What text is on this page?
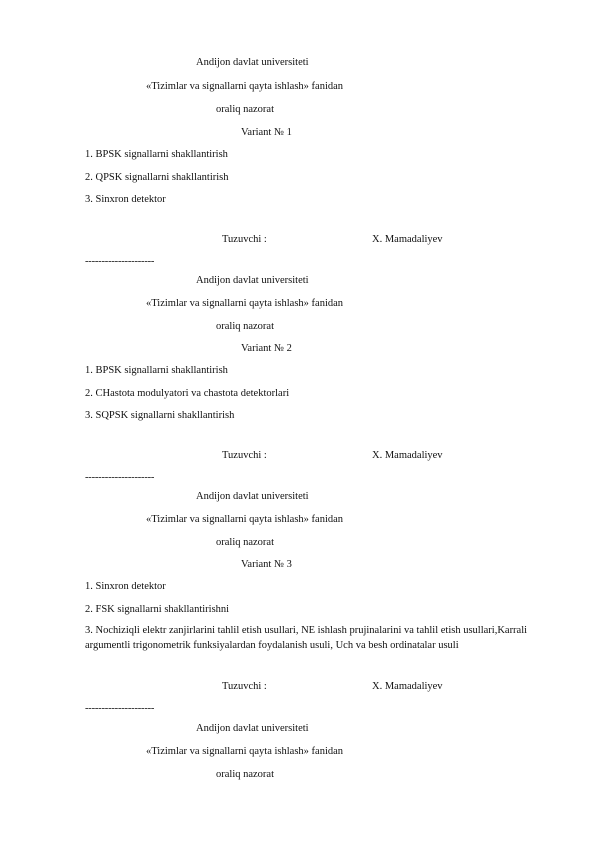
Andijon davlat universiteti
«Tizimlar va signallarni qayta ishlash» fanidan
oraliq nazorat
Variant № 1
1. BPSK signallarni shakllantirish
2. QPSK signallarni shakllantirish
3. Sinxron detektor
Tuzuvchi :	X. Mamadaliyev
---------------------
Andijon davlat universiteti
«Tizimlar va signallarni qayta ishlash» fanidan
oraliq nazorat
Variant № 2
1. BPSK signallarni shakllantirish
2. CHastota modulyatori va chastota detektorlari
3. SQPSK signallarni shakllantirish
Tuzuvchi :	X. Mamadaliyev
---------------------
Andijon davlat universiteti
«Tizimlar va signallarni qayta ishlash» fanidan
oraliq nazorat
Variant № 3
1. Sinxron detektor
2. FSK signallarni shakllantirishni
3. Nochiziqli elektr zanjirlarini tahlil etish usullari, NE ishlash prujinalarini va tahlil etish usullari,Karrali argumentli trigonometrik funksiyalardan foydalanish usuli, Uch va besh ordinatalar usuli
Tuzuvchi :	X. Mamadaliyev
---------------------
Andijon davlat universiteti
«Tizimlar va signallarni qayta ishlash» fanidan
oraliq nazorat
